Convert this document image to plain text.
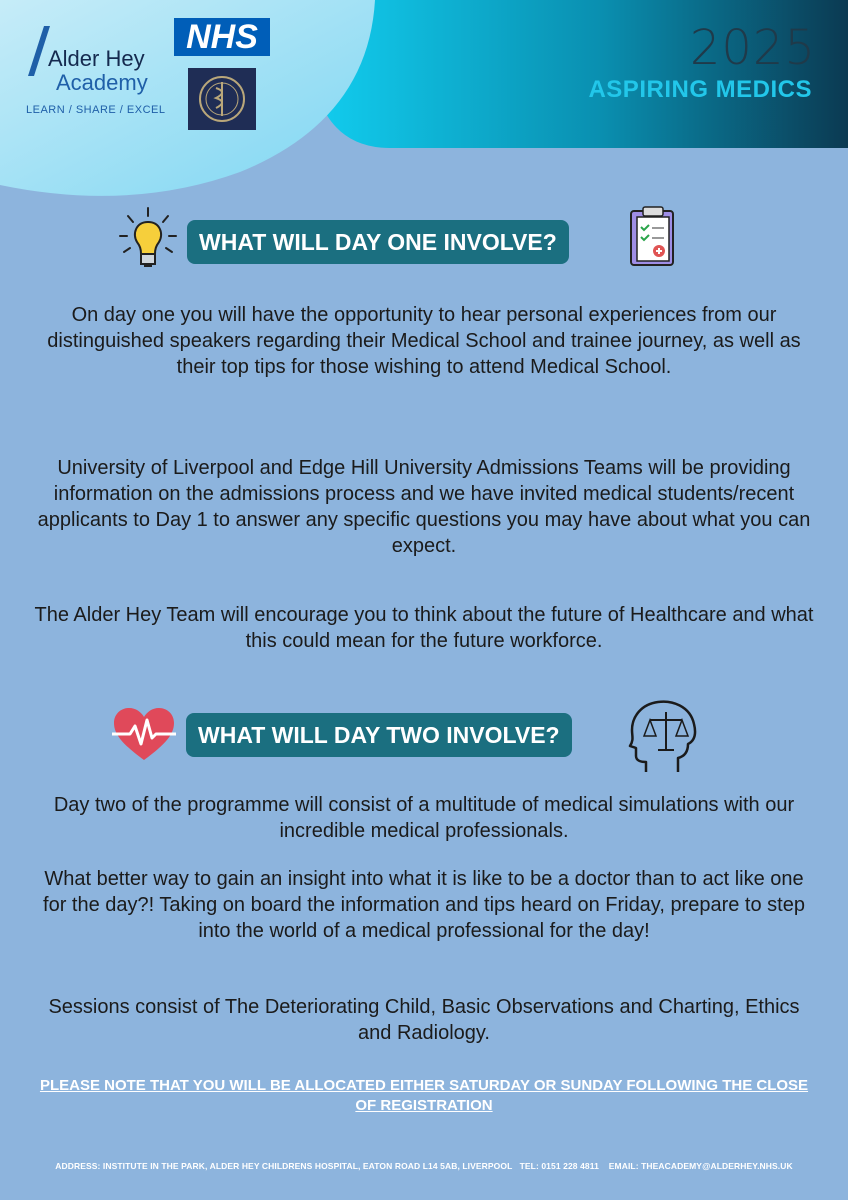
Alder Hey
Academy
LEARN / SHARE / EXCEL
NHS	2025
ASPIRING MEDICS
WHAT WILL DAY ONE INVOLVE?
On day one you will have the opportunity to hear personal experiences from our distinguished speakers regarding their Medical School and trainee journey, as well as their top tips for those wishing to attend Medical School.
University of Liverpool and Edge Hill University Admissions Teams will be providing information on the admissions process and we have invited medical students/recent applicants to Day 1 to answer any specific questions you may have about what you can expect.
The Alder Hey Team will encourage you to think about the future of Healthcare and what this could mean for the future workforce.
WHAT WILL DAY TWO INVOLVE?
Day two of the programme will consist of a multitude of medical simulations with our incredible medical professionals.
What better way to gain an insight into what it is like to be a doctor than to act like one for the day?! Taking on board the information and tips heard on Friday, prepare to step into the world of a medical professional for the day!
Sessions consist of The Deteriorating Child, Basic Observations and Charting, Ethics and Radiology.
PLEASE NOTE THAT YOU WILL BE ALLOCATED EITHER SATURDAY OR SUNDAY FOLLOWING THE CLOSE OF REGISTRATION
ADDRESS: INSTITUTE IN THE PARK, ALDER HEY CHILDRENS HOSPITAL, EATON ROAD L14 5AB, LIVERPOOL   TEL: 0151 228 4811    EMAIL: THEACADEMY@ALDERHEY.NHS.UK
